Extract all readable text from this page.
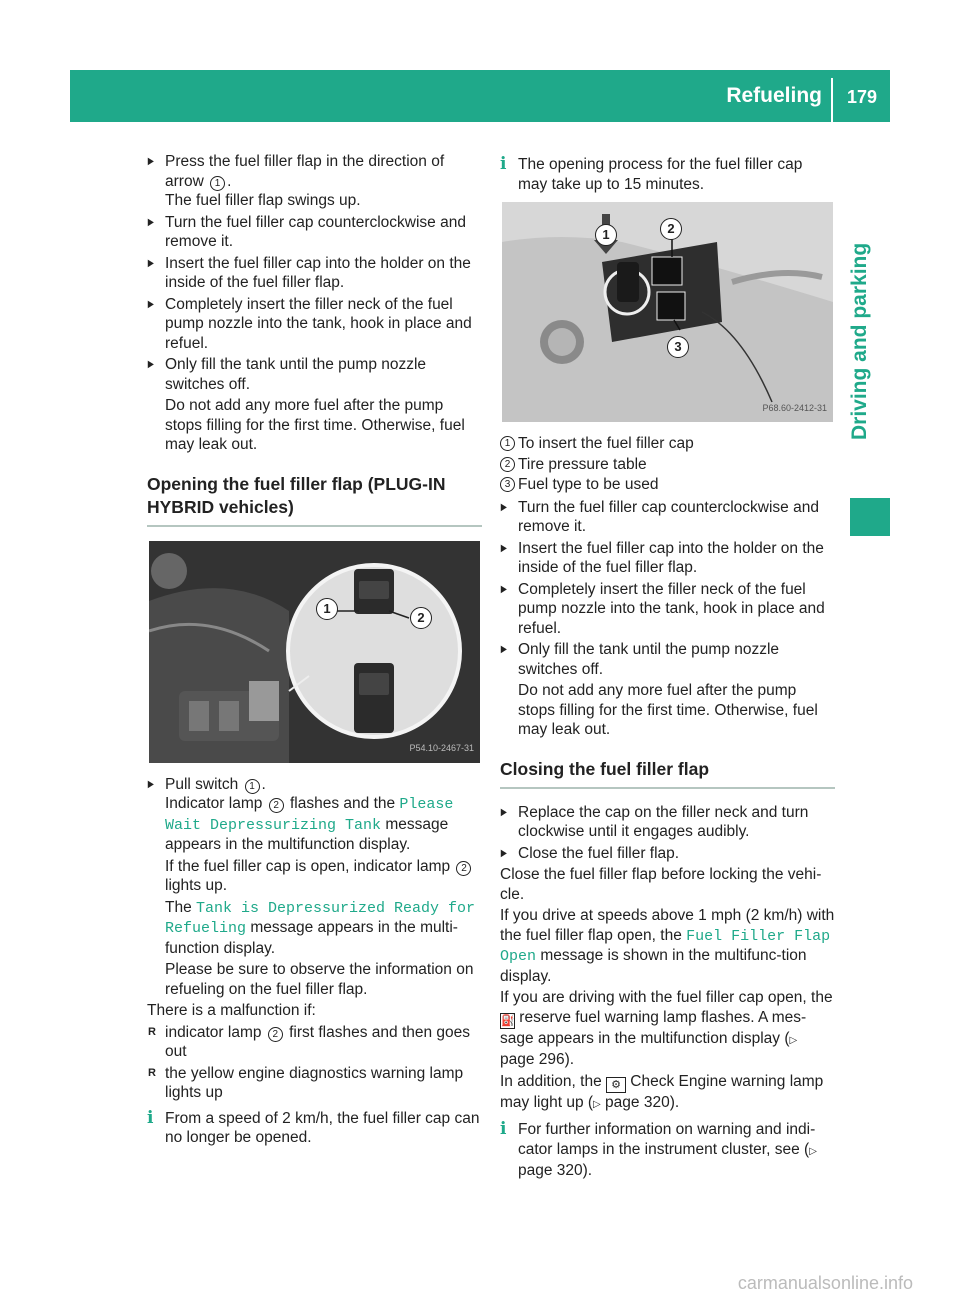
Refueling	179
Driving and parking
▶ Press the fuel filler flap in the direction of arrow 1 .
The fuel filler flap swings up.
▶ Turn the fuel filler cap counterclockwise and remove it.
▶ Insert the fuel filler cap into the holder on the inside of the fuel filler flap.
▶ Completely insert the filler neck of the fuel pump nozzle into the tank, hook in place and refuel.
▶ Only fill the tank until the pump nozzle switches off.
Do not add any more fuel after the pump stops filling for the first time. Otherwise, fuel may leak out.
Opening the fuel filler flap (PLUG-IN HYBRID vehicles)
1
2
P54.10-2467-31
▶ Pull switch 1 .
Indicator lamp 2 flashes and the Please Wait Depressurizing Tank message appears in the multifunction display.
If the fuel filler cap is open, indicator lamp 2 lights up.
The Tank is Depressurized Ready for Refueling message appears in the multi-function display.
Please be sure to observe the information on refueling on the fuel filler flap.
There is a malfunction if:
R indicator lamp 2 first flashes and then goes out
R the yellow engine diagnostics warning lamp lights up
i From a speed of 2 km/h, the fuel filler cap can no longer be opened.
i The opening process for the fuel filler cap may take up to 15 minutes.
1	2
3
P68.60-2412-31
1 To insert the fuel filler cap
2 Tire pressure table
3 Fuel type to be used
▶ Turn the fuel filler cap counterclockwise and remove it.
▶ Insert the fuel filler cap into the holder on the inside of the fuel filler flap.
▶ Completely insert the filler neck of the fuel pump nozzle into the tank, hook in place and refuel.
▶ Only fill the tank until the pump nozzle switches off.
Do not add any more fuel after the pump stops filling for the first time. Otherwise, fuel may leak out.
Closing the fuel filler flap
▶ Replace the cap on the filler neck and turn clockwise until it engages audibly.
▶ Close the fuel filler flap.
Close the fuel filler flap before locking the vehi-cle.
If you drive at speeds above 1 mph (2 km/h) with the fuel filler flap open, the Fuel Filler Flap Open message is shown in the multifunc-tion display.
If you are driving with the fuel filler cap open, the ⛽ reserve fuel warning lamp flashes. A mes-sage appears in the multifunction display (▷ page 296).
In addition, the ⚙ Check Engine warning lamp may light up (▷ page 320).
i For further information on warning and indi-cator lamps in the instrument cluster, see (▷ page 320).
carmanualsonline.info
